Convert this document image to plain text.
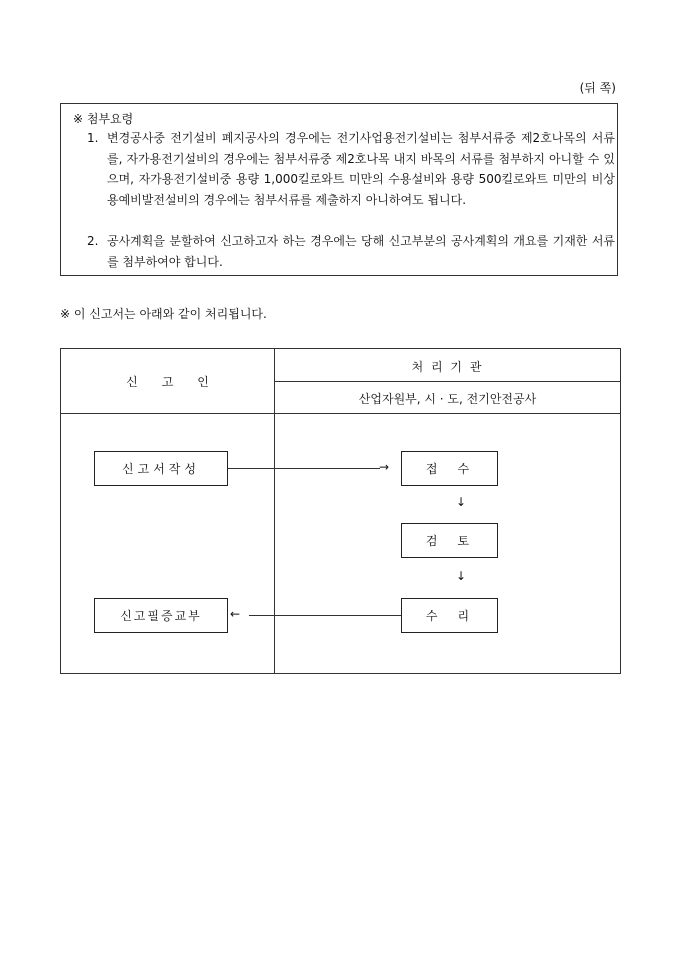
(뒤 쪽)
※ 첨부요령
1. 변경공사중 전기설비 폐지공사의 경우에는 전기사업용전기설비는 첨부서류중 제2호나목의 서류를, 자가용전기설비의 경우에는 첨부서류중 제2호나목 내지 바목의 서류를 첨부하지 아니할 수 있으며, 자가용전기설비중 용량 1,000킬로와트 미만의 수용설비와 용량 500킬로와트 미만의 비상용예비발전설비의 경우에는 첨부서류를 제출하지 아니하여도 됩니다.
2. 공사계획을 분할하여 신고하고자 하는 경우에는 당해 신고부분의 공사계획의 개요를 기재한 서류를 첨부하여야 합니다.
※ 이 신고서는 아래와 같이 처리됩니다.
신　　고　　인
처 리 기 관
산업자원부, 시 · 도, 전기안전공사
신고서작성	접　수
검　토
수　리
신고필증교부
→
↓
↓
←
